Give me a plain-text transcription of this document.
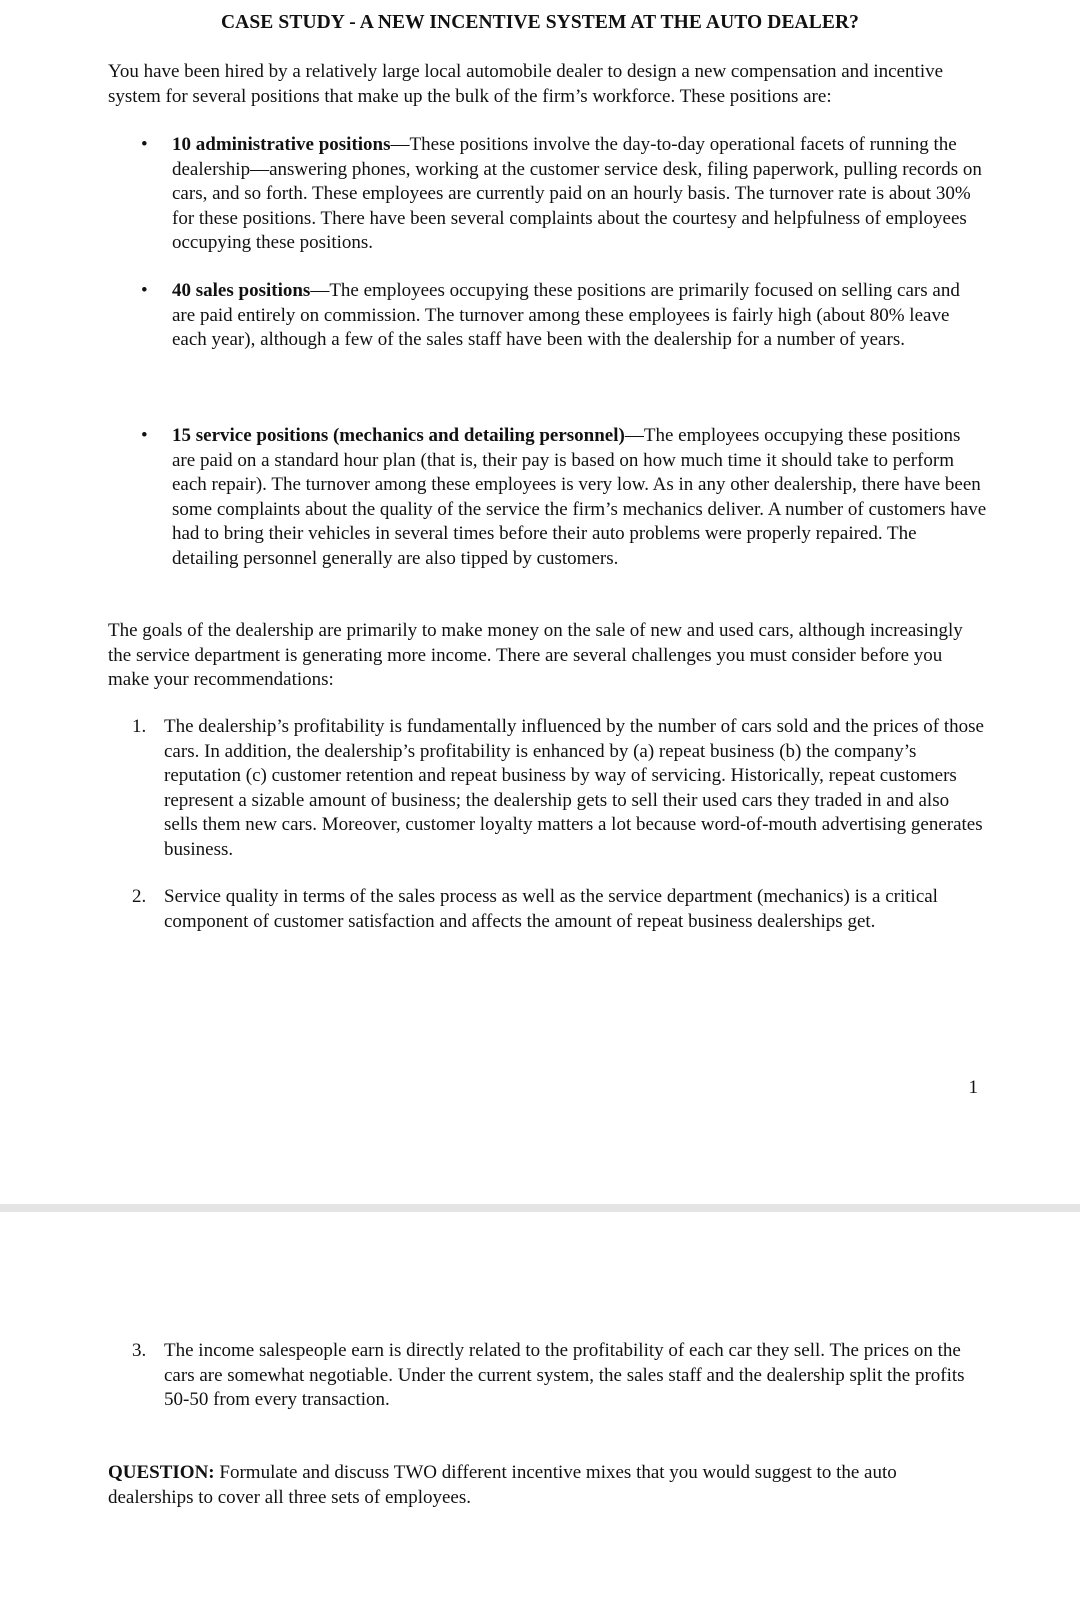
CASE STUDY - A NEW INCENTIVE SYSTEM AT THE AUTO DEALER?

You have been hired by a relatively large local automobile dealer to design a new compensation and incentive system for several positions that make up the bulk of the firm’s workforce. These positions are:

• 10 administrative positions—These positions involve the day-to-day operational facets of running the dealership—answering phones, working at the customer service desk, filing paperwork, pulling records on cars, and so forth. These employees are currently paid on an hourly basis. The turnover rate is about 30% for these positions. There have been several complaints about the courtesy and helpfulness of employees occupying these positions.

• 40 sales positions—The employees occupying these positions are primarily focused on selling cars and are paid entirely on commission. The turnover among these employees is fairly high (about 80% leave each year), although a few of the sales staff have been with the dealership for a number of years.

• 15 service positions (mechanics and detailing personnel)—The employees occupying these positions are paid on a standard hour plan (that is, their pay is based on how much time it should take to perform each repair). The turnover among these employees is very low. As in any other dealership, there have been some complaints about the quality of the service the firm’s mechanics deliver. A number of customers have had to bring their vehicles in several times before their auto problems were properly repaired. The detailing personnel generally are also tipped by customers.

The goals of the dealership are primarily to make money on the sale of new and used cars, although increasingly the service department is generating more income. There are several challenges you must consider before you make your recommendations:

1. The dealership’s profitability is fundamentally influenced by the number of cars sold and the prices of those cars. In addition, the dealership’s profitability is enhanced by (a) repeat business (b) the company’s reputation (c) customer retention and repeat business by way of servicing. Historically, repeat customers represent a sizable amount of business; the dealership gets to sell their used cars they traded in and also sells them new cars. Moreover, customer loyalty matters a lot because word-of-mouth advertising generates business.

2. Service quality in terms of the sales process as well as the service department (mechanics) is a critical component of customer satisfaction and affects the amount of repeat business dealerships get.

1
3. The income salespeople earn is directly related to the profitability of each car they sell. The prices on the cars are somewhat negotiable. Under the current system, the sales staff and the dealership split the profits 50-50 from every transaction.

QUESTION: Formulate and discuss TWO different incentive mixes that you would suggest to the auto dealerships to cover all three sets of employees.
